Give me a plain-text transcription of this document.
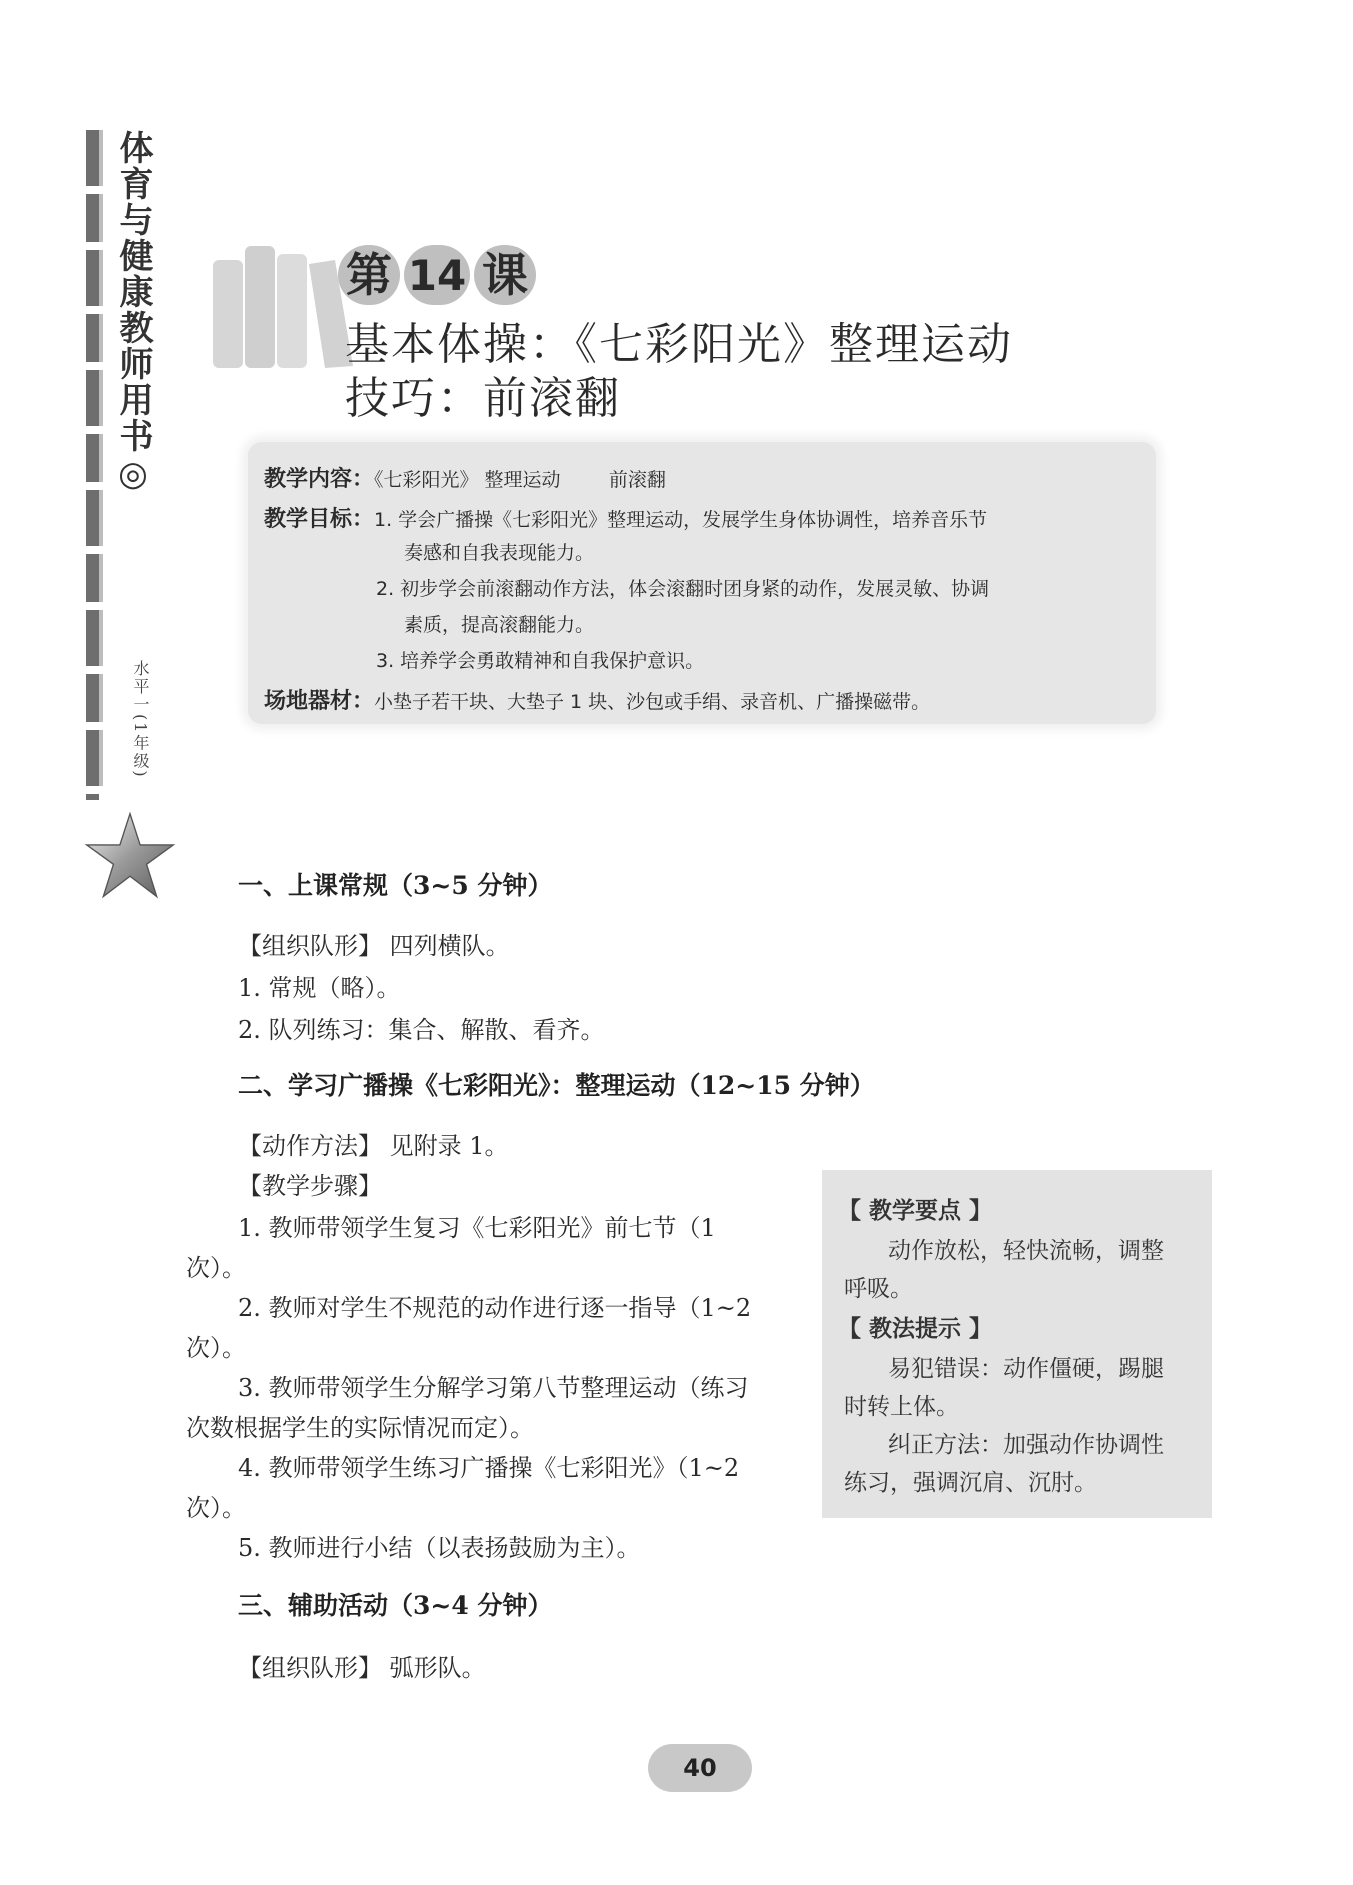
体育与健康教师用书◎
水平一(1年级)
第 14 课
基本体操：《七彩阳光》整理运动
技巧：前滚翻
教学内容：《七彩阳光》 整理运动        前滚翻
教学目标：1. 学会广播操《七彩阳光》整理运动，发展学生身体协调性，培养音乐节
奏感和自我表现能力。
2. 初步学会前滚翻动作方法，体会滚翻时团身紧的动作，发展灵敏、协调
素质，提高滚翻能力。
3. 培养学会勇敢精神和自我保护意识。
场地器材：小垫子若干块、大垫子 1 块、沙包或手绢、录音机、广播操磁带。
一、上课常规（3~5 分钟）
【组织队形】 四列横队。
1. 常规（略）。
2. 队列练习：集合、解散、看齐。
二、学习广播操《七彩阳光》：整理运动（12~15 分钟）
【动作方法】 见附录 1。
【教学步骤】
1. 教师带领学生复习《七彩阳光》前七节（1
次）。
2. 教师对学生不规范的动作进行逐一指导（1~2
次）。
3. 教师带领学生分解学习第八节整理运动（练习
次数根据学生的实际情况而定）。
4. 教师带领学生练习广播操《七彩阳光》（1~2
次）。
5. 教师进行小结（以表扬鼓励为主）。
三、辅助活动（3~4 分钟）
【组织队形】 弧形队。
【 教学要点 】
动作放松，轻快流畅，调整
呼吸。
【 教法提示 】
易犯错误：动作僵硬，踢腿
时转上体。
纠正方法：加强动作协调性
练习，强调沉肩、沉肘。
40
